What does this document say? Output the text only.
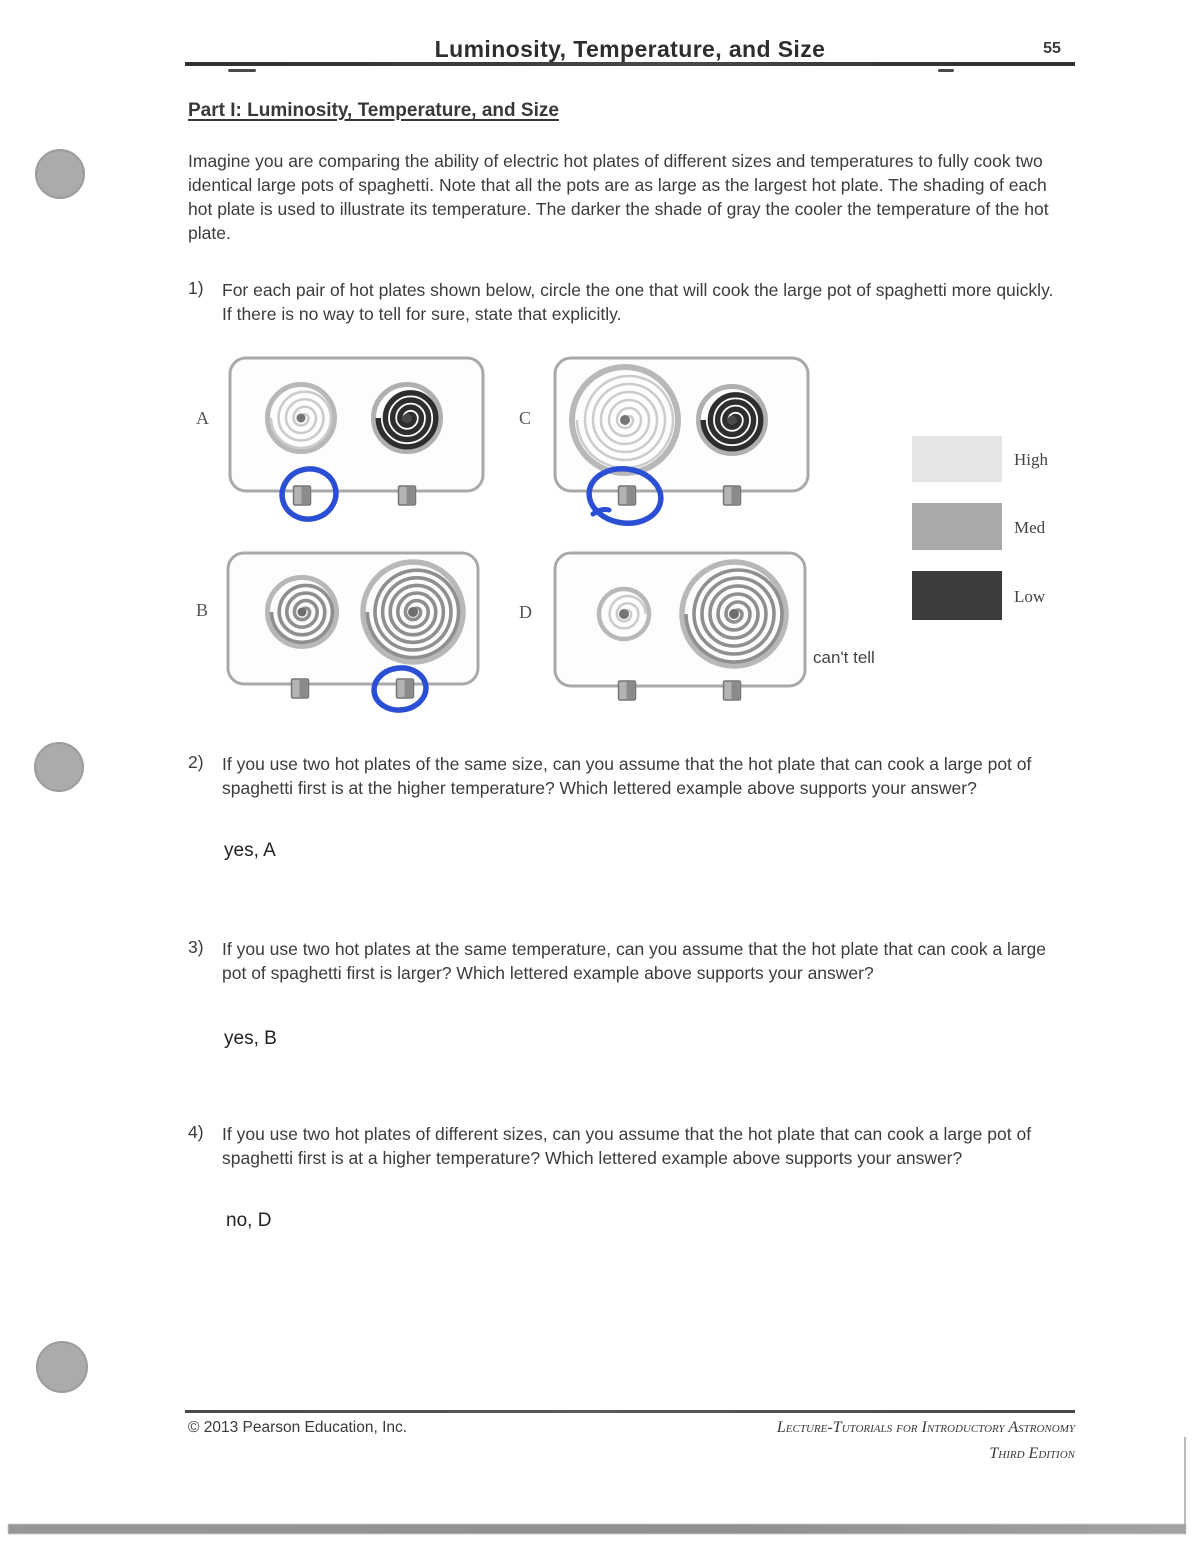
Luminosity, Temperature, and Size	55
Part I: Luminosity, Temperature, and Size
Imagine you are comparing the ability of electric hot plates of different sizes and temperatures to fully cook two identical large pots of spaghetti. Note that all the pots are as large as the largest hot plate. The shading of each hot plate is used to illustrate its temperature. The darker the shade of gray the cooler the temperature of the hot plate.
1) For each pair of hot plates shown below, circle the one that will cook the large pot of spaghetti more quickly. If there is no way to tell for sure, state that explicitly.
A	C
B	D
can't tell
High
Med
Low
2) If you use two hot plates of the same size, can you assume that the hot plate that can cook a large pot of spaghetti first is at the higher temperature? Which lettered example above supports your answer?
yes, A
3) If you use two hot plates at the same temperature, can you assume that the hot plate that can cook a large pot of spaghetti first is larger? Which lettered example above supports your answer?
yes, B
4) If you use two hot plates of different sizes, can you assume that the hot plate that can cook a large pot of spaghetti first is at a higher temperature? Which lettered example above supports your answer?
no, D
© 2013 Pearson Education, Inc.	Lecture-Tutorials for Introductory Astronomy
Third Edition
